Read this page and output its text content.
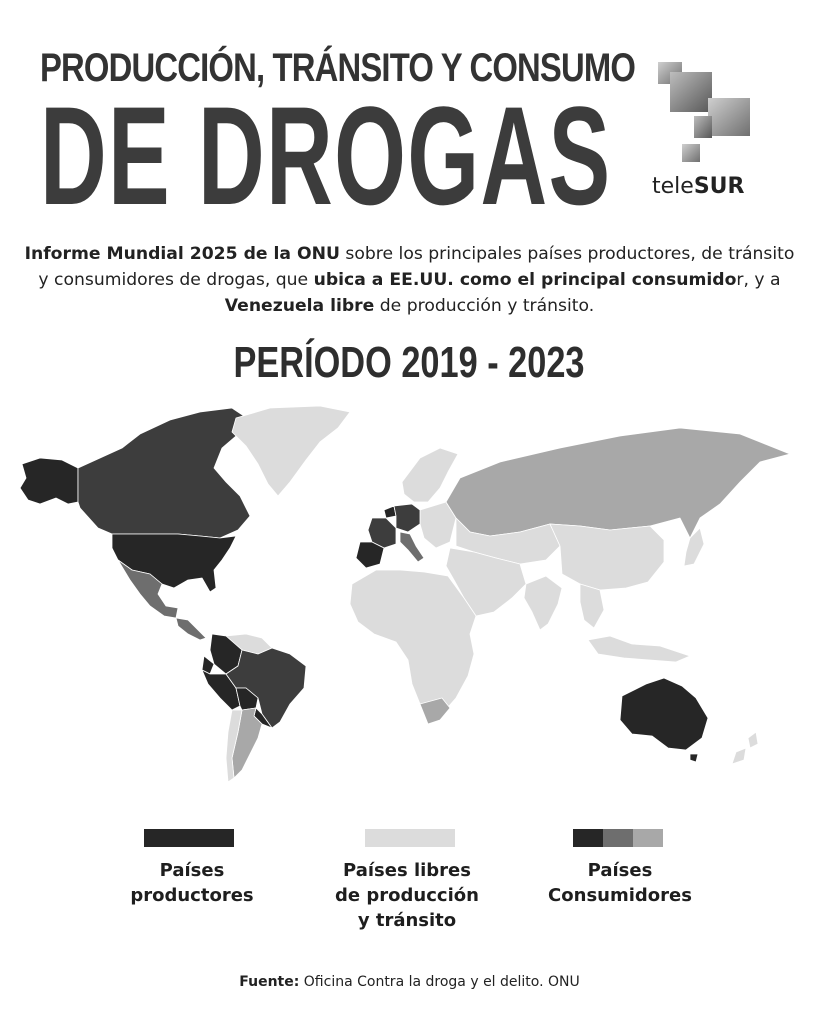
PRODUCCIÓN, TRÁNSITO Y CONSUMO
DE DROGAS teleSUR
Informe Mundial 2025 de la ONU sobre los principales países productores, de tránsito y consumidores de drogas, que ubica a EE.UU. como el principal consumidor, y a Venezuela libre de producción y tránsito.
PERÍODO 2019 - 2023
Países
productores
Países libres
de producción
y tránsito
Países
Consumidores
Fuente: Oficina Contra la droga y el delito. ONU
